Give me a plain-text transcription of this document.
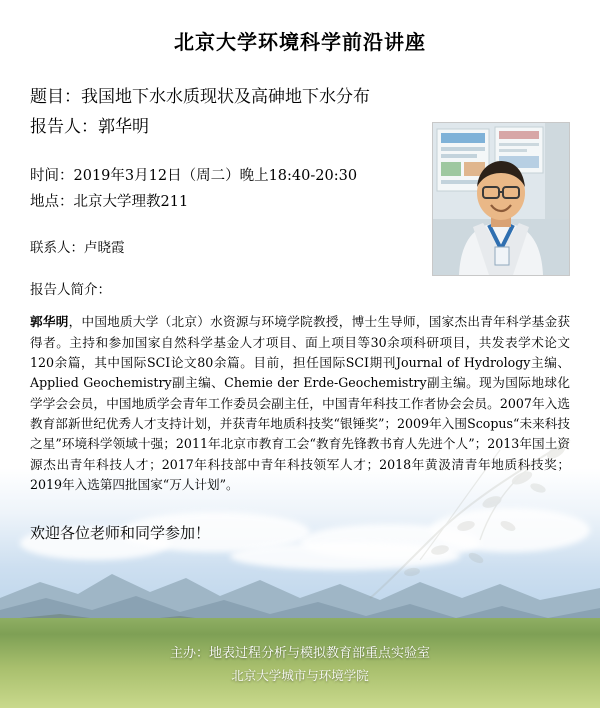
北京大学环境科学前沿讲座
题目：我国地下水水质现状及高砷地下水分布
报告人：郭华明
时间：2019年3月12日（周二）晚上18:40-20:30
地点：北京大学理教211
联系人：卢晓霞
报告人简介：
郭华明，中国地质大学（北京）水资源与环境学院教授，博士生导师，国家杰出青年科学基金获得者。主持和参加国家自然科学基金人才项目、面上项目等30余项科研项目，共发表学术论文120余篇，其中国际SCI论文80余篇。目前，担任国际SCI期刊Journal of Hydrology主编、Applied Geochemistry副主编、Chemie der Erde-Geochemistry副主编。现为国际地球化学学会会员，中国地质学会青年工作委员会副主任，中国青年科技工作者协会会员。2007年入选教育部新世纪优秀人才支持计划，并获青年地质科技奖“银锤奖”；2009年入围Scopus“未来科技之星”环境科学领域十强；2011年北京市教育工会“教育先锋教书育人先进个人”；2013年国土资源杰出青年科技人才；2017年科技部中青年科技领军人才；2018年黄汲清青年地质科技奖；2019年入选第四批国家“万人计划”。
欢迎各位老师和同学参加！
主办：地表过程分析与模拟教育部重点实验室
北京大学城市与环境学院
